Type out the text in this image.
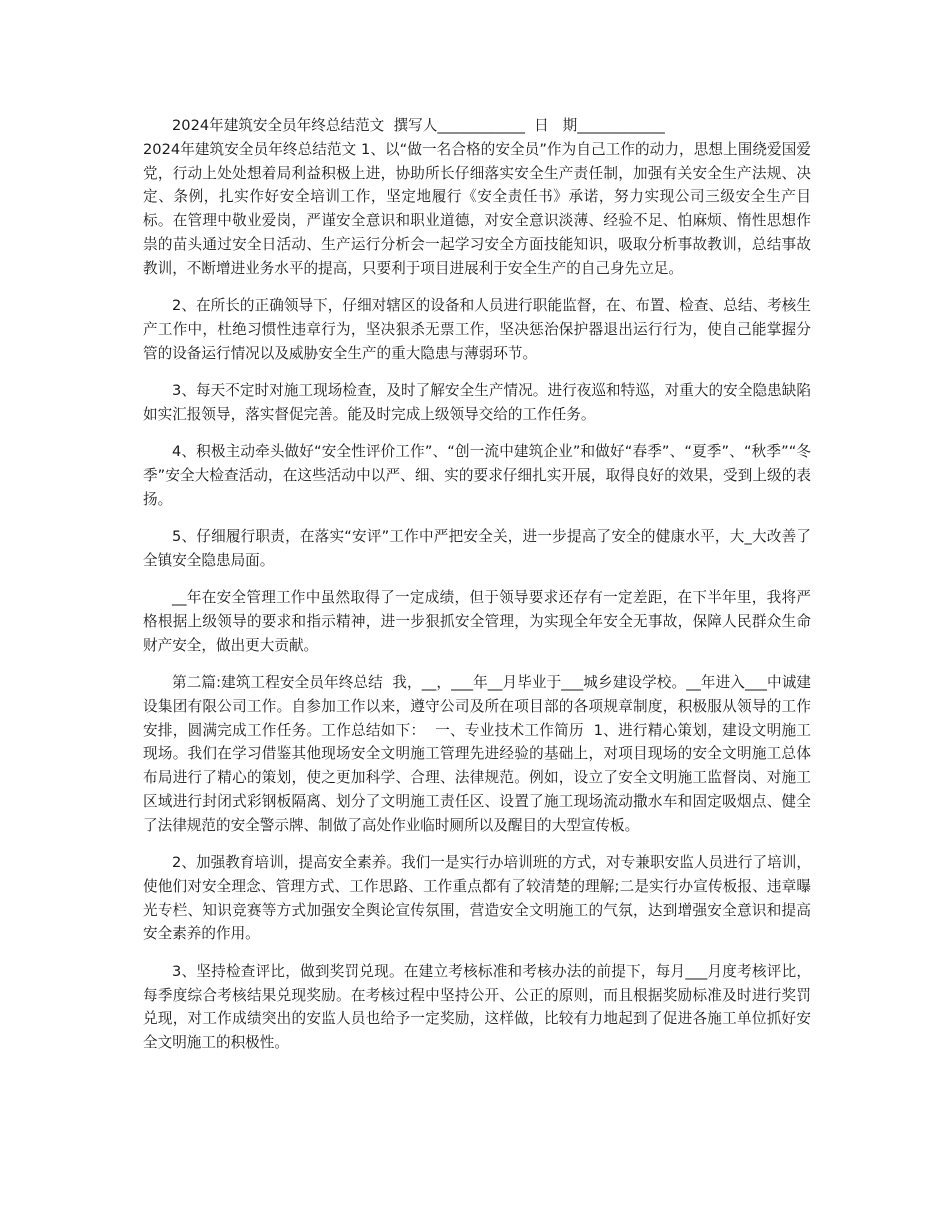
2024年建筑安全员年终总结范文  撰写人____________  日   期____________
2024年建筑安全员年终总结范文 1、以“做一名合格的安全员”作为自己工作的动力，思想上围绕爱国爱党，行动上处处想着局利益积极上进，协助所长仔细落实安全生产责任制，加强有关安全生产法规、决定、条例，扎实作好安全培训工作，坚定地履行《安全责任书》承诺，努力实现公司三级安全生产目标。在管理中敬业爱岗，严谨安全意识和职业道德，对安全意识淡薄、经验不足、怕麻烦、惰性思想作祟的苗头通过安全日活动、生产运行分析会一起学习安全方面技能知识，吸取分析事故教训，总结事故教训，不断增进业务水平的提高，只要利于项目进展利于安全生产的自己身先立足。

2、在所长的正确领导下，仔细对辖区的设备和人员进行职能监督，在、布置、检查、总结、考核生产工作中，杜绝习惯性违章行为，坚决狠杀无票工作，坚决惩治保护器退出运行行为，使自己能掌握分管的设备运行情况以及威胁安全生产的重大隐患与薄弱环节。

3、每天不定时对施工现场检查，及时了解安全生产情况。进行夜巡和特巡，对重大的安全隐患缺陷如实汇报领导，落实督促完善。能及时完成上级领导交给的工作任务。

4、积极主动牵头做好“安全性评价工作”、“创一流中建筑企业”和做好“春季”、“夏季”、“秋季”“冬季”安全大检查活动，在这些活动中以严、细、实的要求仔细扎实开展，取得良好的效果，受到上级的表扬。

5、仔细履行职责，在落实“安评”工作中严把安全关，进一步提高了安全的健康水平，大_大改善了全镇安全隐患局面。

__年在安全管理工作中虽然取得了一定成绩，但于领导要求还存有一定差距，在下半年里，我将严格根据上级领导的要求和指示精神，进一步狠抓安全管理，为实现全年安全无事故，保障人民群众生命财产安全，做出更大贡献。

第二篇:建筑工程安全员年终总结  我，__，___年__月毕业于___城乡建设学校。__年进入___中诚建设集团有限公司工作。自参加工作以来，遵守公司及所在项目部的各项规章制度，积极服从领导的工作安排，圆满完成工作任务。工作总结如下：  一、专业技术工作简历  1、进行精心策划，建设文明施工现场。我们在学习借鉴其他现场安全文明施工管理先进经验的基础上，对项目现场的安全文明施工总体布局进行了精心的策划，使之更加科学、合理、法律规范。例如，设立了安全文明施工监督岗、对施工区域进行封闭式彩钢板隔离、划分了文明施工责任区、设置了施工现场流动撒水车和固定吸烟点、健全了法律规范的安全警示牌、制做了高处作业临时厕所以及醒目的大型宣传板。

2、加强教育培训，提高安全素养。我们一是实行办培训班的方式，对专兼职安监人员进行了培训，使他们对安全理念、管理方式、工作思路、工作重点都有了较清楚的理解;二是实行办宣传板报、违章曝光专栏、知识竞赛等方式加强安全舆论宣传氛围，营造安全文明施工的气氛，达到增强安全意识和提高安全素养的作用。

3、坚持检查评比，做到奖罚兑现。在建立考核标准和考核办法的前提下，每月___月度考核评比，每季度综合考核结果兑现奖励。在考核过程中坚持公开、公正的原则，而且根据奖励标准及时进行奖罚兑现，对工作成绩突出的安监人员也给予一定奖励，这样做，比较有力地起到了促进各施工单位抓好安全文明施工的积极性。
